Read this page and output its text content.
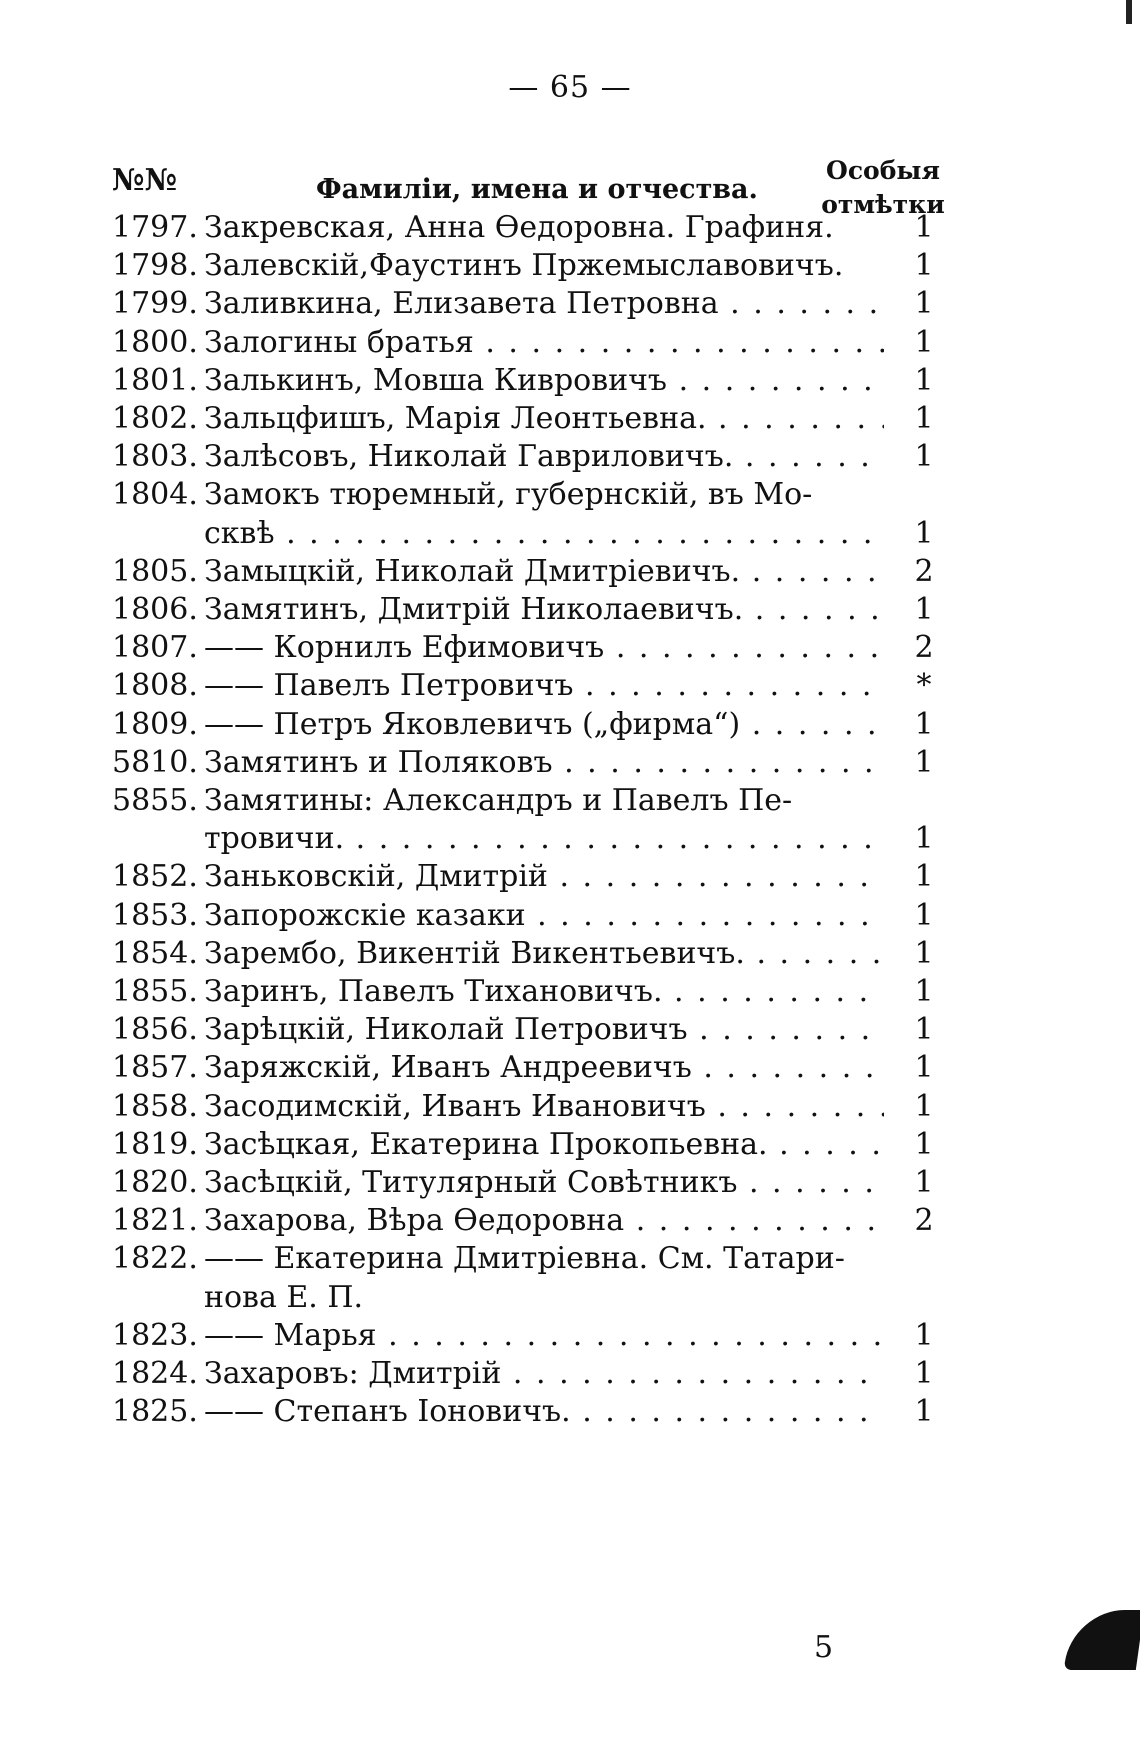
— 65 —
№№	Фамиліи, имена и отчества.
Особыя
отмѣтки
1797. Закревская, Анна Өедоровна. Графиня.	1
1798. Залевскій,Фаустинъ Пржемыславовичъ.	1
1799. Заливкина, Елизавета Петровна . . .	1
1800. Залогины братья . . .	1
1801. Залькинъ, Мовша Кивровичъ . . .	1
1802. Зальцфишъ, Марія Леонтьевна. . . .	1
1803. Залѣсовъ, Николай Гавриловичъ. . . .	1
1804. Замокъ тюремный, губернскій, въ Мо-
сквѣ . . .	1
1805. Замыцкій, Николай Дмитріевичъ. . . .	2
1806. Замятинъ, Дмитрій Николаевичъ. . . .	1
1807. —— Корнилъ Ефимовичъ . . .	2
1808. —— Павелъ Петровичъ . . .	*
1809. —— Петръ Яковлевичъ („фирма“) . . .	1
5810. Замятинъ и Поляковъ . . .	1
5855. Замятины: Александръ и Павелъ Пе-
тровичи. . . .	1
1852. Заньковскій, Дмитрій . . .	1
1853. Запорожскіе казаки . . .	1
1854. Зарембо, Викентій Викентьевичъ. . . .	1
1855. Заринъ, Павелъ Тихановичъ. . . .	1
1856. Зарѣцкій, Николай Петровичъ . . .	1
1857. Заряжскій, Иванъ Андреевичъ . . .	1
1858. Засодимскій, Иванъ Ивановичъ . . .	1
1819. Засѣцкая, Екатерина Прокопьевна. . . .	1
1820. Засѣцкій, Титулярный Совѣтникъ . . .	1
1821. Захарова, Вѣра Өедоровна . . .	2
1822. —— Екатерина Дмитріевна. См. Татари-
нова Е. П.
1823. —— Марья . . .	1
1824. Захаровъ: Дмитрій . . .	1
1825. —— Степанъ Іоновичъ. . . .	1
5
